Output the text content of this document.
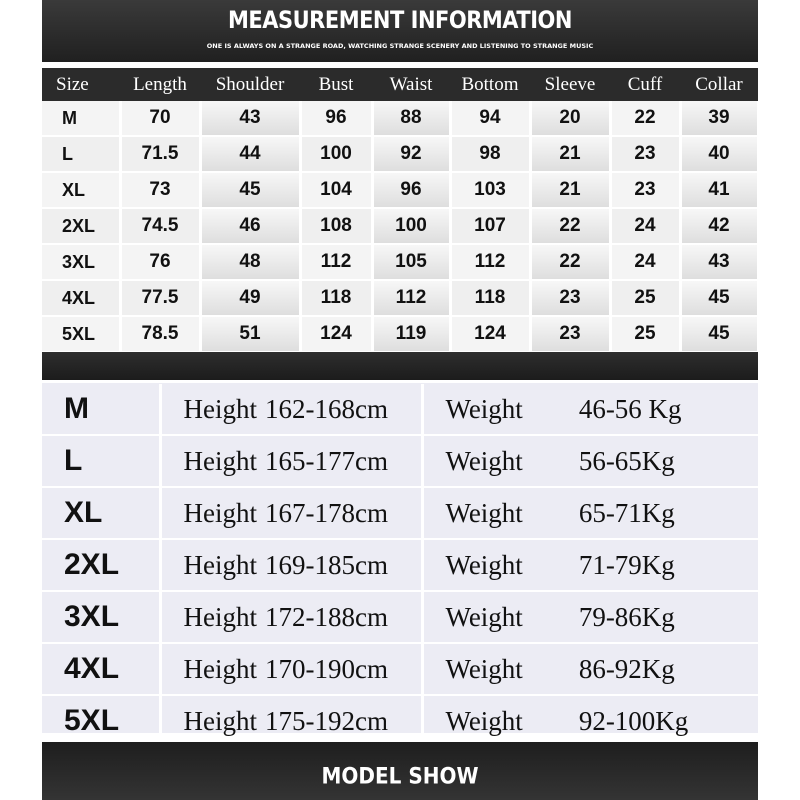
MEASUREMENT INFORMATION
ONE IS ALWAYS ON A STRANGE ROAD, WATCHING STRANGE SCENERY AND LISTENING TO STRANGE MUSIC
Size	Length	Shoulder	Bust	Waist	Bottom	Sleeve	Cuff	Collar
M	70	43	96	88	94	20	22	39
L	71.5	44	100	92	98	21	23	40
XL	73	45	104	96	103	21	23	41
2XL	74.5	46	108	100	107	22	24	42
3XL	76	48	112	105	112	22	24	43
4XL	77.5	49	118	112	118	23	25	45
5XL	78.5	51	124	119	124	23	25	45
M	Height 162-168cm	Weight 46-56 Kg
L	Height 165-177cm	Weight 56-65Kg
XL	Height 167-178cm	Weight 65-71Kg
2XL	Height 169-185cm	Weight 71-79Kg
3XL	Height 172-188cm	Weight 79-86Kg
4XL	Height 170-190cm	Weight 86-92Kg
5XL	Height 175-192cm	Weight 92-100Kg
MODEL SHOW
